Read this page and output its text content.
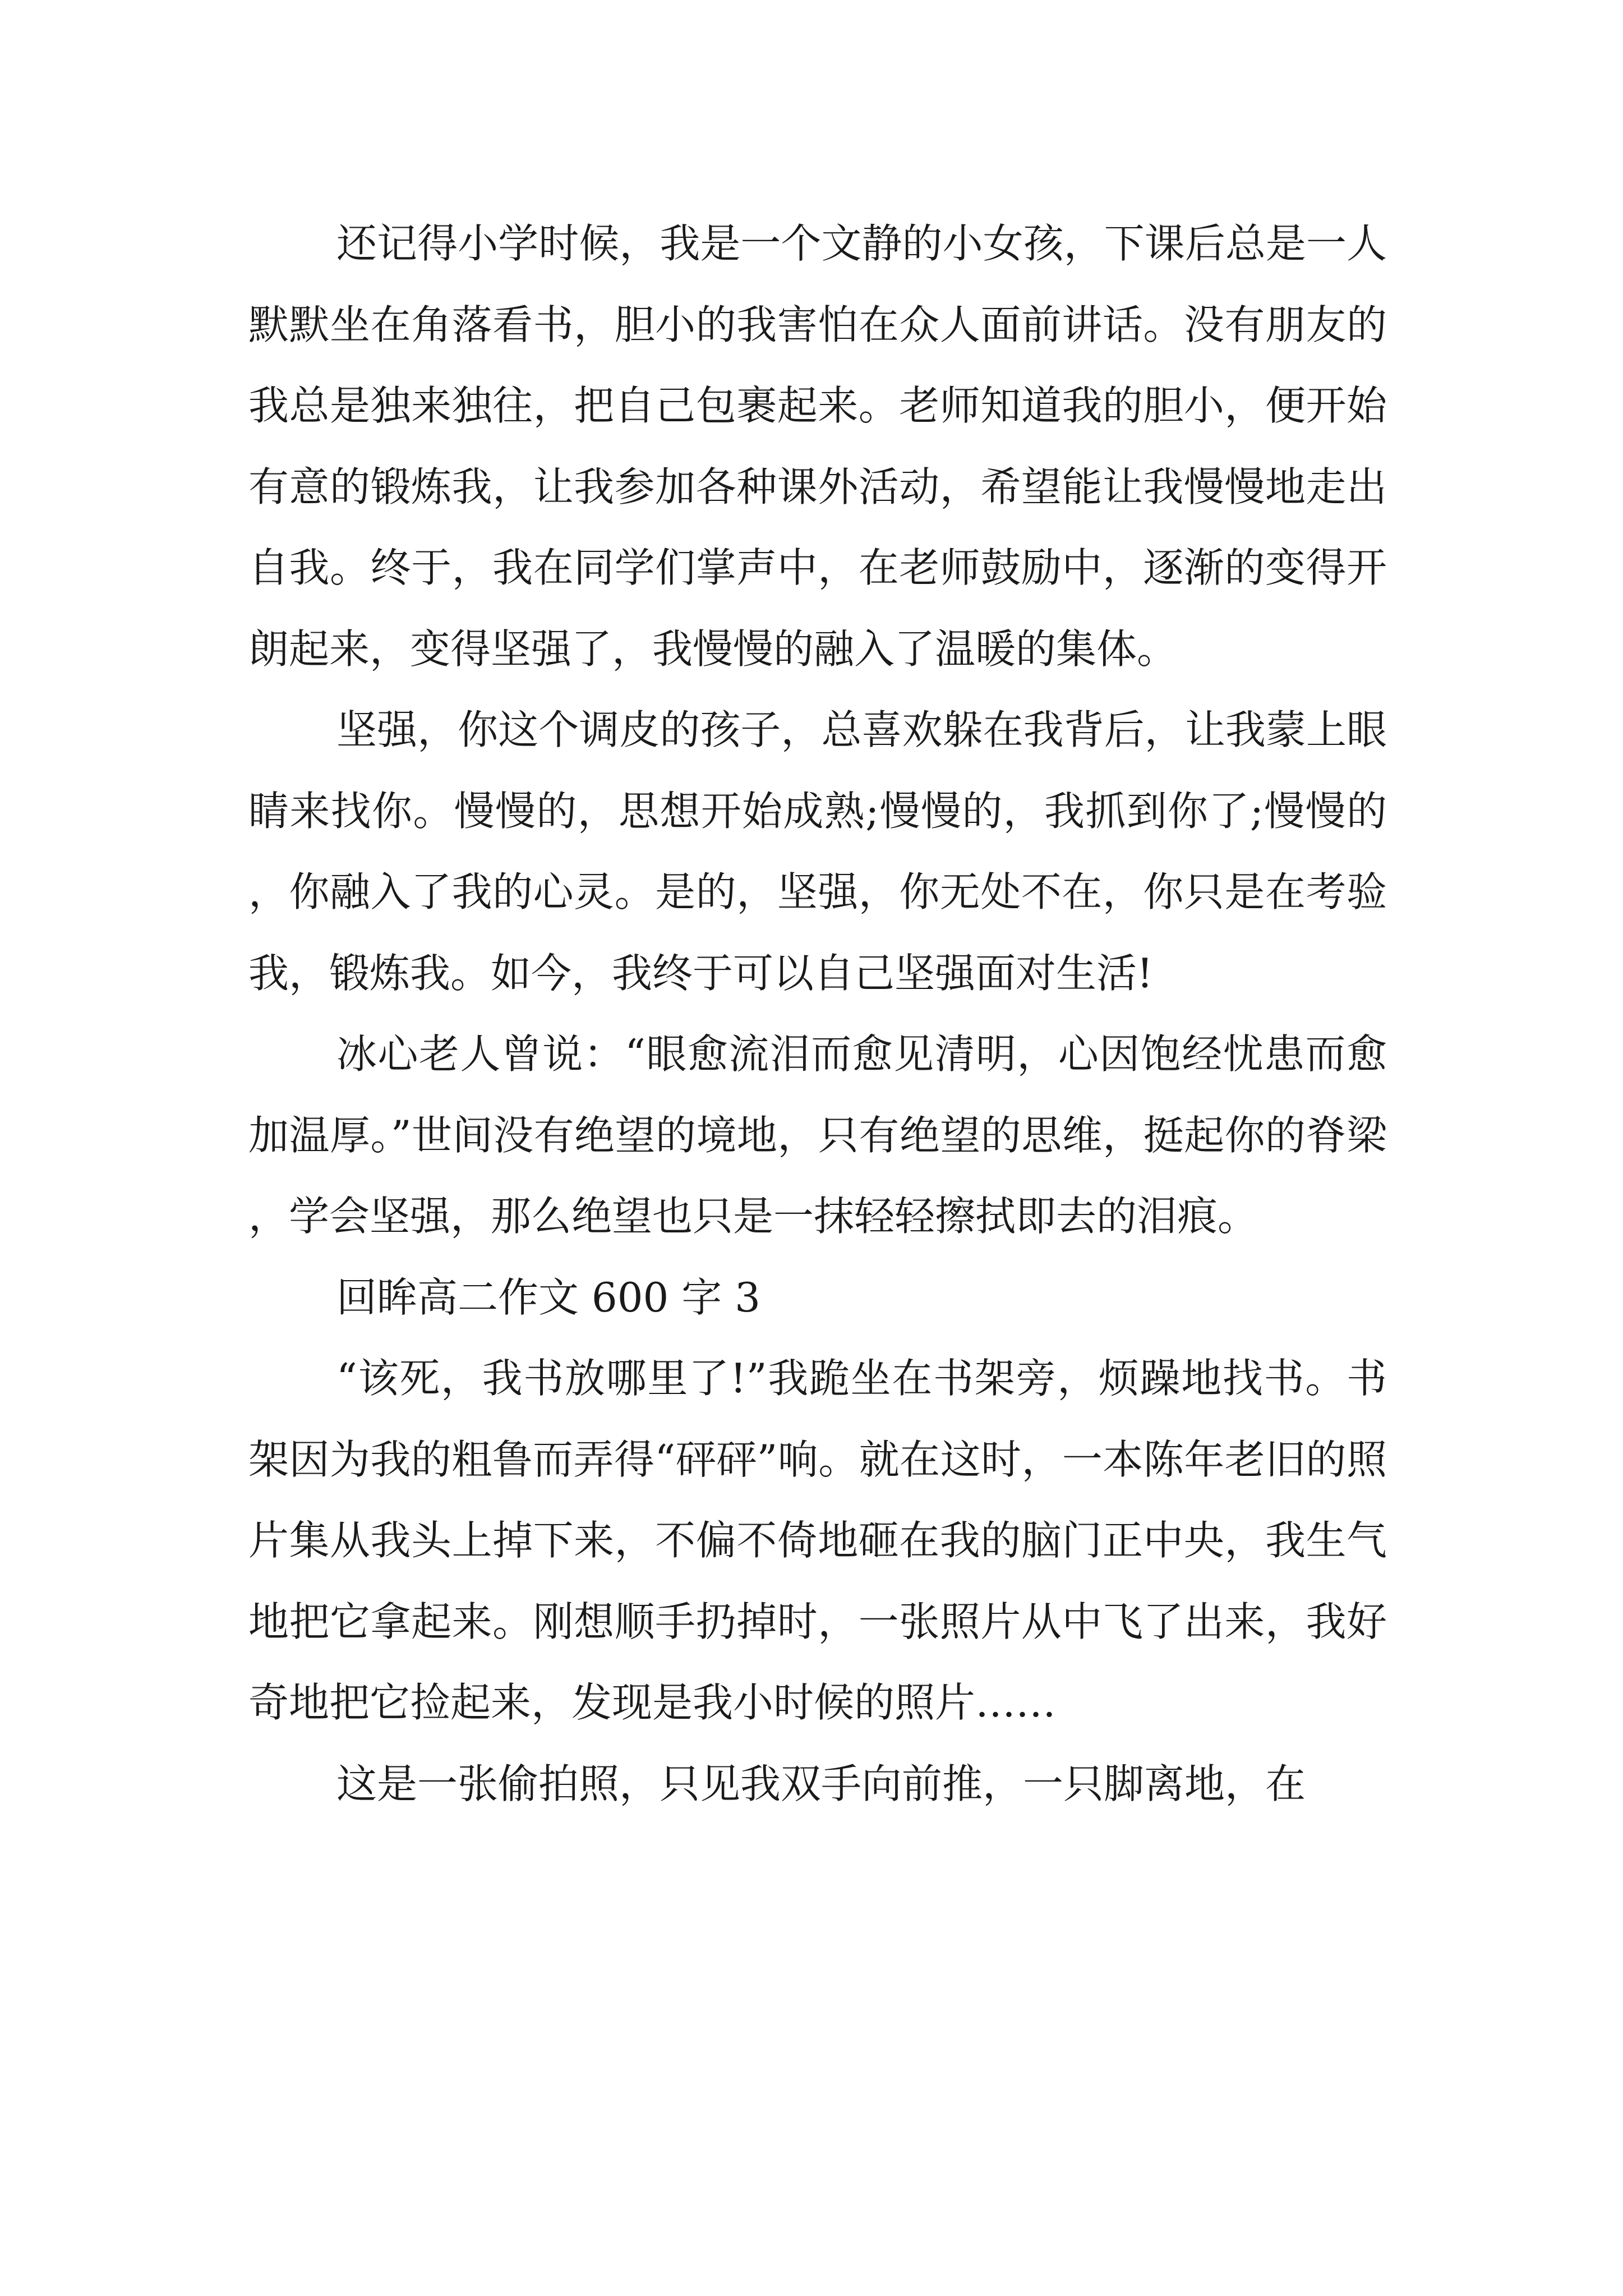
还记得小学时候，我是一个文静的小女孩，下课后总是一人默默坐在角落看书，胆小的我害怕在众人面前讲话。没有朋友的我总是独来独往，把自己包裹起来。老师知道我的胆小，便开始有意的锻炼我，让我参加各种课外活动，希望能让我慢慢地走出自我。终于，我在同学们掌声中，在老师鼓励中，逐渐的变得开朗起来，变得坚强了，我慢慢的融入了温暖的集体。

坚强，你这个调皮的孩子，总喜欢躲在我背后，让我蒙上眼睛来找你。慢慢的，思想开始成熟;慢慢的，我抓到你了;慢慢的，你融入了我的心灵。是的，坚强，你无处不在，你只是在考验我，锻炼我。如今，我终于可以自己坚强面对生活!

冰心老人曾说：“眼愈流泪而愈见清明，心因饱经忧患而愈加温厚。”世间没有绝望的境地，只有绝望的思维，挺起你的脊梁，学会坚强，那么绝望也只是一抹轻轻擦拭即去的泪痕。

回眸高二作文 600 字 3

“该死，我书放哪里了!”我跪坐在书架旁，烦躁地找书。书架因为我的粗鲁而弄得“砰砰”响。就在这时，一本陈年老旧的照片集从我头上掉下来，不偏不倚地砸在我的脑门正中央，我生气地把它拿起来。刚想顺手扔掉时，一张照片从中飞了出来，我好奇地把它捡起来，发现是我小时候的照片……

这是一张偷拍照，只见我双手向前推，一只脚离地，在
